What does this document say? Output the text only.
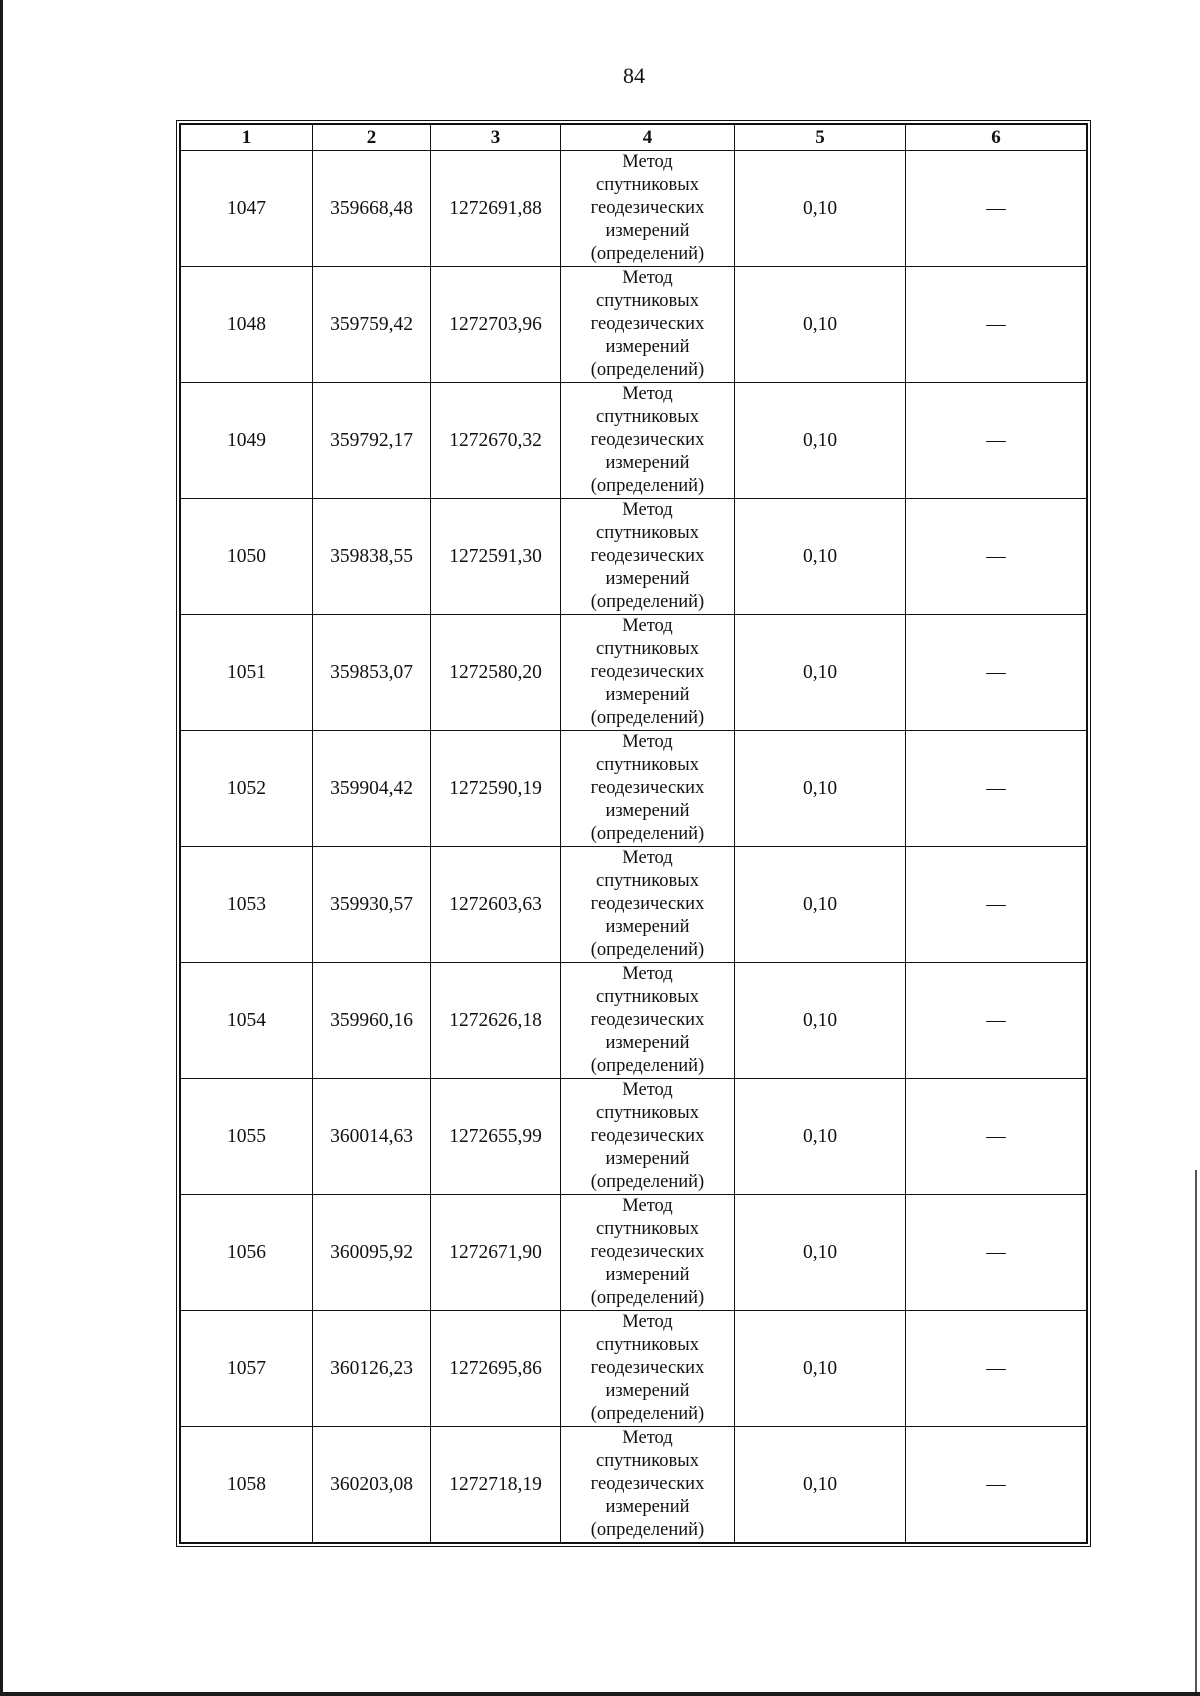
84
1	2	3	4	5	6
1047	359668,48	1272691,88	Метод
спутниковых
геодезических
измерений
(определений)	0,10	—
1048	359759,42	1272703,96	Метод
спутниковых
геодезических
измерений
(определений)	0,10	—
1049	359792,17	1272670,32	Метод
спутниковых
геодезических
измерений
(определений)	0,10	—
1050	359838,55	1272591,30	Метод
спутниковых
геодезических
измерений
(определений)	0,10	—
1051	359853,07	1272580,20	Метод
спутниковых
геодезических
измерений
(определений)	0,10	—
1052	359904,42	1272590,19	Метод
спутниковых
геодезических
измерений
(определений)	0,10	—
1053	359930,57	1272603,63	Метод
спутниковых
геодезических
измерений
(определений)	0,10	—
1054	359960,16	1272626,18	Метод
спутниковых
геодезических
измерений
(определений)	0,10	—
1055	360014,63	1272655,99	Метод
спутниковых
геодезических
измерений
(определений)	0,10	—
1056	360095,92	1272671,90	Метод
спутниковых
геодезических
измерений
(определений)	0,10	—
1057	360126,23	1272695,86	Метод
спутниковых
геодезических
измерений
(определений)	0,10	—
1058	360203,08	1272718,19	Метод
спутниковых
геодезических
измерений
(определений)	0,10	—
